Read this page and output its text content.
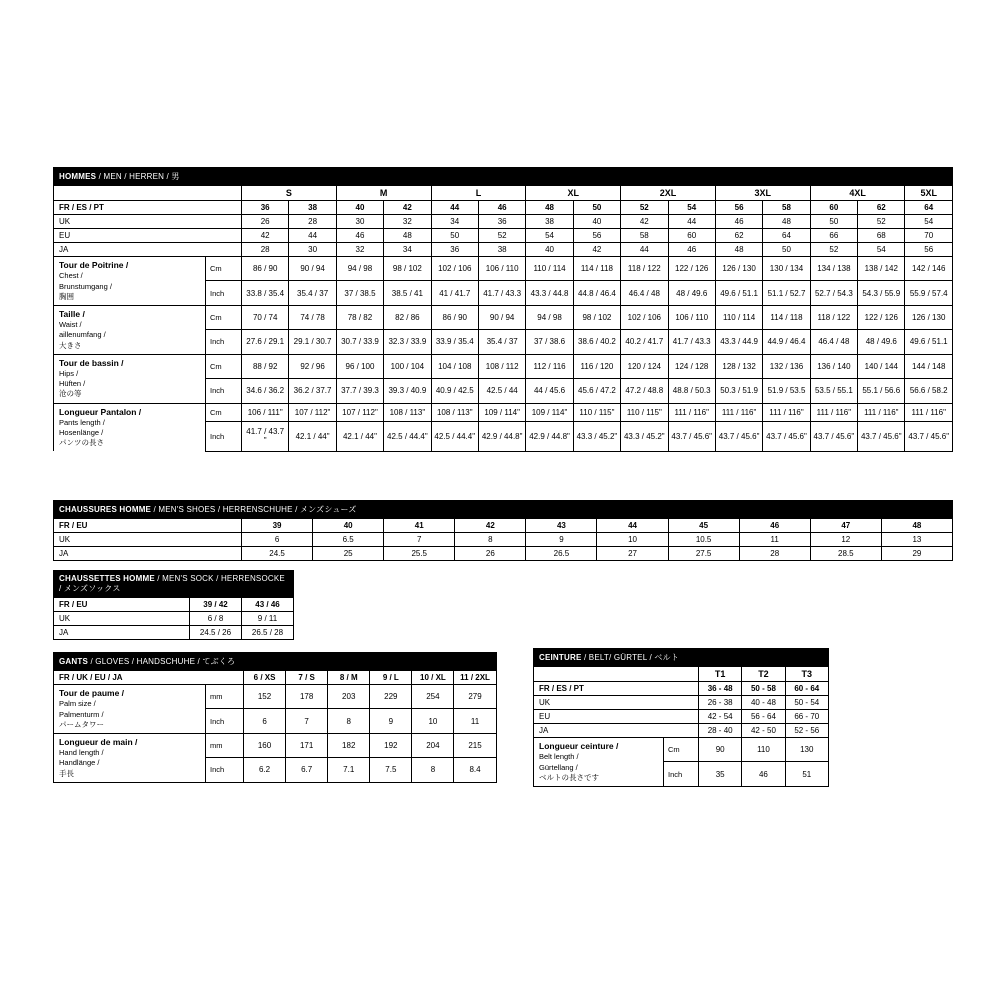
HOMMES / MEN / HERREN / 男																
		S		M		L		XL		2XL		3XL		4XL		5XL
FR / ES / PT		36	38	40	42	44	46	48	50	52	54	56	58	60	62	64
UK		26	28	30	32	34	36	38	40	42	44	46	48	50	52	54
EU		42	44	46	48	50	52	54	56	58	60	62	64	66	68	70
JA		28	30	32	34	36	38	40	42	44	46	48	50	52	54	56
Tour de Poitrine /
Chest /
Brunstumgang /
胸囲	Cm	86 / 90	90 / 94	94 / 98	98 / 102	102 / 106	106 / 110	110 / 114	114 / 118	118 / 122	122 / 126	126 / 130	130 / 134	134 / 138	138 / 142	142 / 146
	Inch	33.8 / 35.4	35.4 / 37	37 / 38.5	38.5 / 41	41 / 41.7	41.7 / 43.3	43.3 / 44.8	44.8 / 46.4	46.4 / 48	48 / 49.6	49.6 / 51.1	51.1 / 52.7	52.7 / 54.3	54.3 / 55.9	55.9 / 57.4
Taille /
Waist /
aillenumfang /
大きさ	Cm	70 / 74	74 / 78	78 / 82	82 / 86	86 / 90	90 / 94	94 / 98	98 / 102	102 / 106	106 / 110	110 / 114	114 / 118	118 / 122	122 / 126	126 / 130
	Inch	27.6 / 29.1	29.1 / 30.7	30.7 / 33.9	32.3 / 33.9	33.9 / 35.4	35.4 / 37	37 / 38.6	38.6 / 40.2	40.2 / 41.7	41.7 / 43.3	43.3 / 44.9	44.9 / 46.4	46.4 / 48	48 / 49.6	49.6 / 51.1
Tour de bassin /
Hips /
Hüften /
沧の等	Cm	88 / 92	92 / 96	96 / 100	100 / 104	104 / 108	108 / 112	112 / 116	116 / 120	120 / 124	124 / 128	128 / 132	132 / 136	136 / 140	140 / 144	144 / 148
	Inch	34.6 / 36.2	36.2 / 37.7	37.7 / 39.3	39.3 / 40.9	40.9 / 42.5	42.5 / 44	44 / 45.6	45.6 / 47.2	47.2 / 48.8	48.8 / 50.3	50.3 / 51.9	51.9 / 53.5	53.5 / 55.1	55.1 / 56.6	56.6 / 58.2
Longueur Pantalon /
Pants length /
Hosenlänge /
パンツの長さ	Cm	106 / 111"	107 / 112"	107 / 112"	108 / 113"	108 / 113"	109 / 114"	109 / 114"	110 / 115"	110 / 115"	111 / 116"	111 / 116"	111 / 116"	111 / 116"	111 / 116"	111 / 116"
	Inch	41.7 / 43.7 "	42.1 / 44"	42.1 / 44"	42.5 / 44.4"	42.5 / 44.4"	42.9 / 44.8"	42.9 / 44.8"	43.3 / 45.2"	43.3 / 45.2"	43.7 / 45.6"	43.7 / 45.6"	43.7 / 45.6"	43.7 / 45.6"	43.7 / 45.6"	43.7 / 45.6"
CHAUSSURES HOMME / MEN'S SHOES / HERRENSCHUHE / メンズシューズ										
FR / EU	39	40	41	42	43	44	45	46	47	48
UK	6	6.5	7	8	9	10	10.5	11	12	13
JA	24.5	25	25.5	26	26.5	27	27.5	28	28.5	29
CHAUSSETTES HOMME / MEN'S SOCK / HERRENSOCKE / メンズソックス		
FR / EU	39 / 42	43 / 46
UK	6 / 8	9 / 11
JA	24.5 / 26	26.5 / 28
GANTS / GLOVES / HANDSCHUHE / てぶくろ							
FR / UK / EU / JA		6 / XS	7 / S	8 / M	9 / L	10 / XL	11 / 2XL
Tour de paume /
Palm size /
Palmenturm /
パームタワー	mm	152	178	203	229	254	279
	Inch	6	7	8	9	10	11
Longueur de main /
Hand length /
Handlänge /
手長	mm	160	171	182	192	204	215
	Inch	6.2	6.7	7.1	7.5	8	8.4
CEINTURE / BELT/ GÜRTEL / ベルト				
		T1	T2	T3
FR / ES / PT		36 - 48	50 - 58	60 - 64
UK		26 - 38	40 - 48	50 - 54
EU		42 - 54	56 - 64	66 - 70
JA		28 - 40	42 - 50	52 - 56
Longueur ceinture /
Belt length /
Gürtellang /
ベルトの長さです	Cm	90	110	130
	Inch	35	46	51
